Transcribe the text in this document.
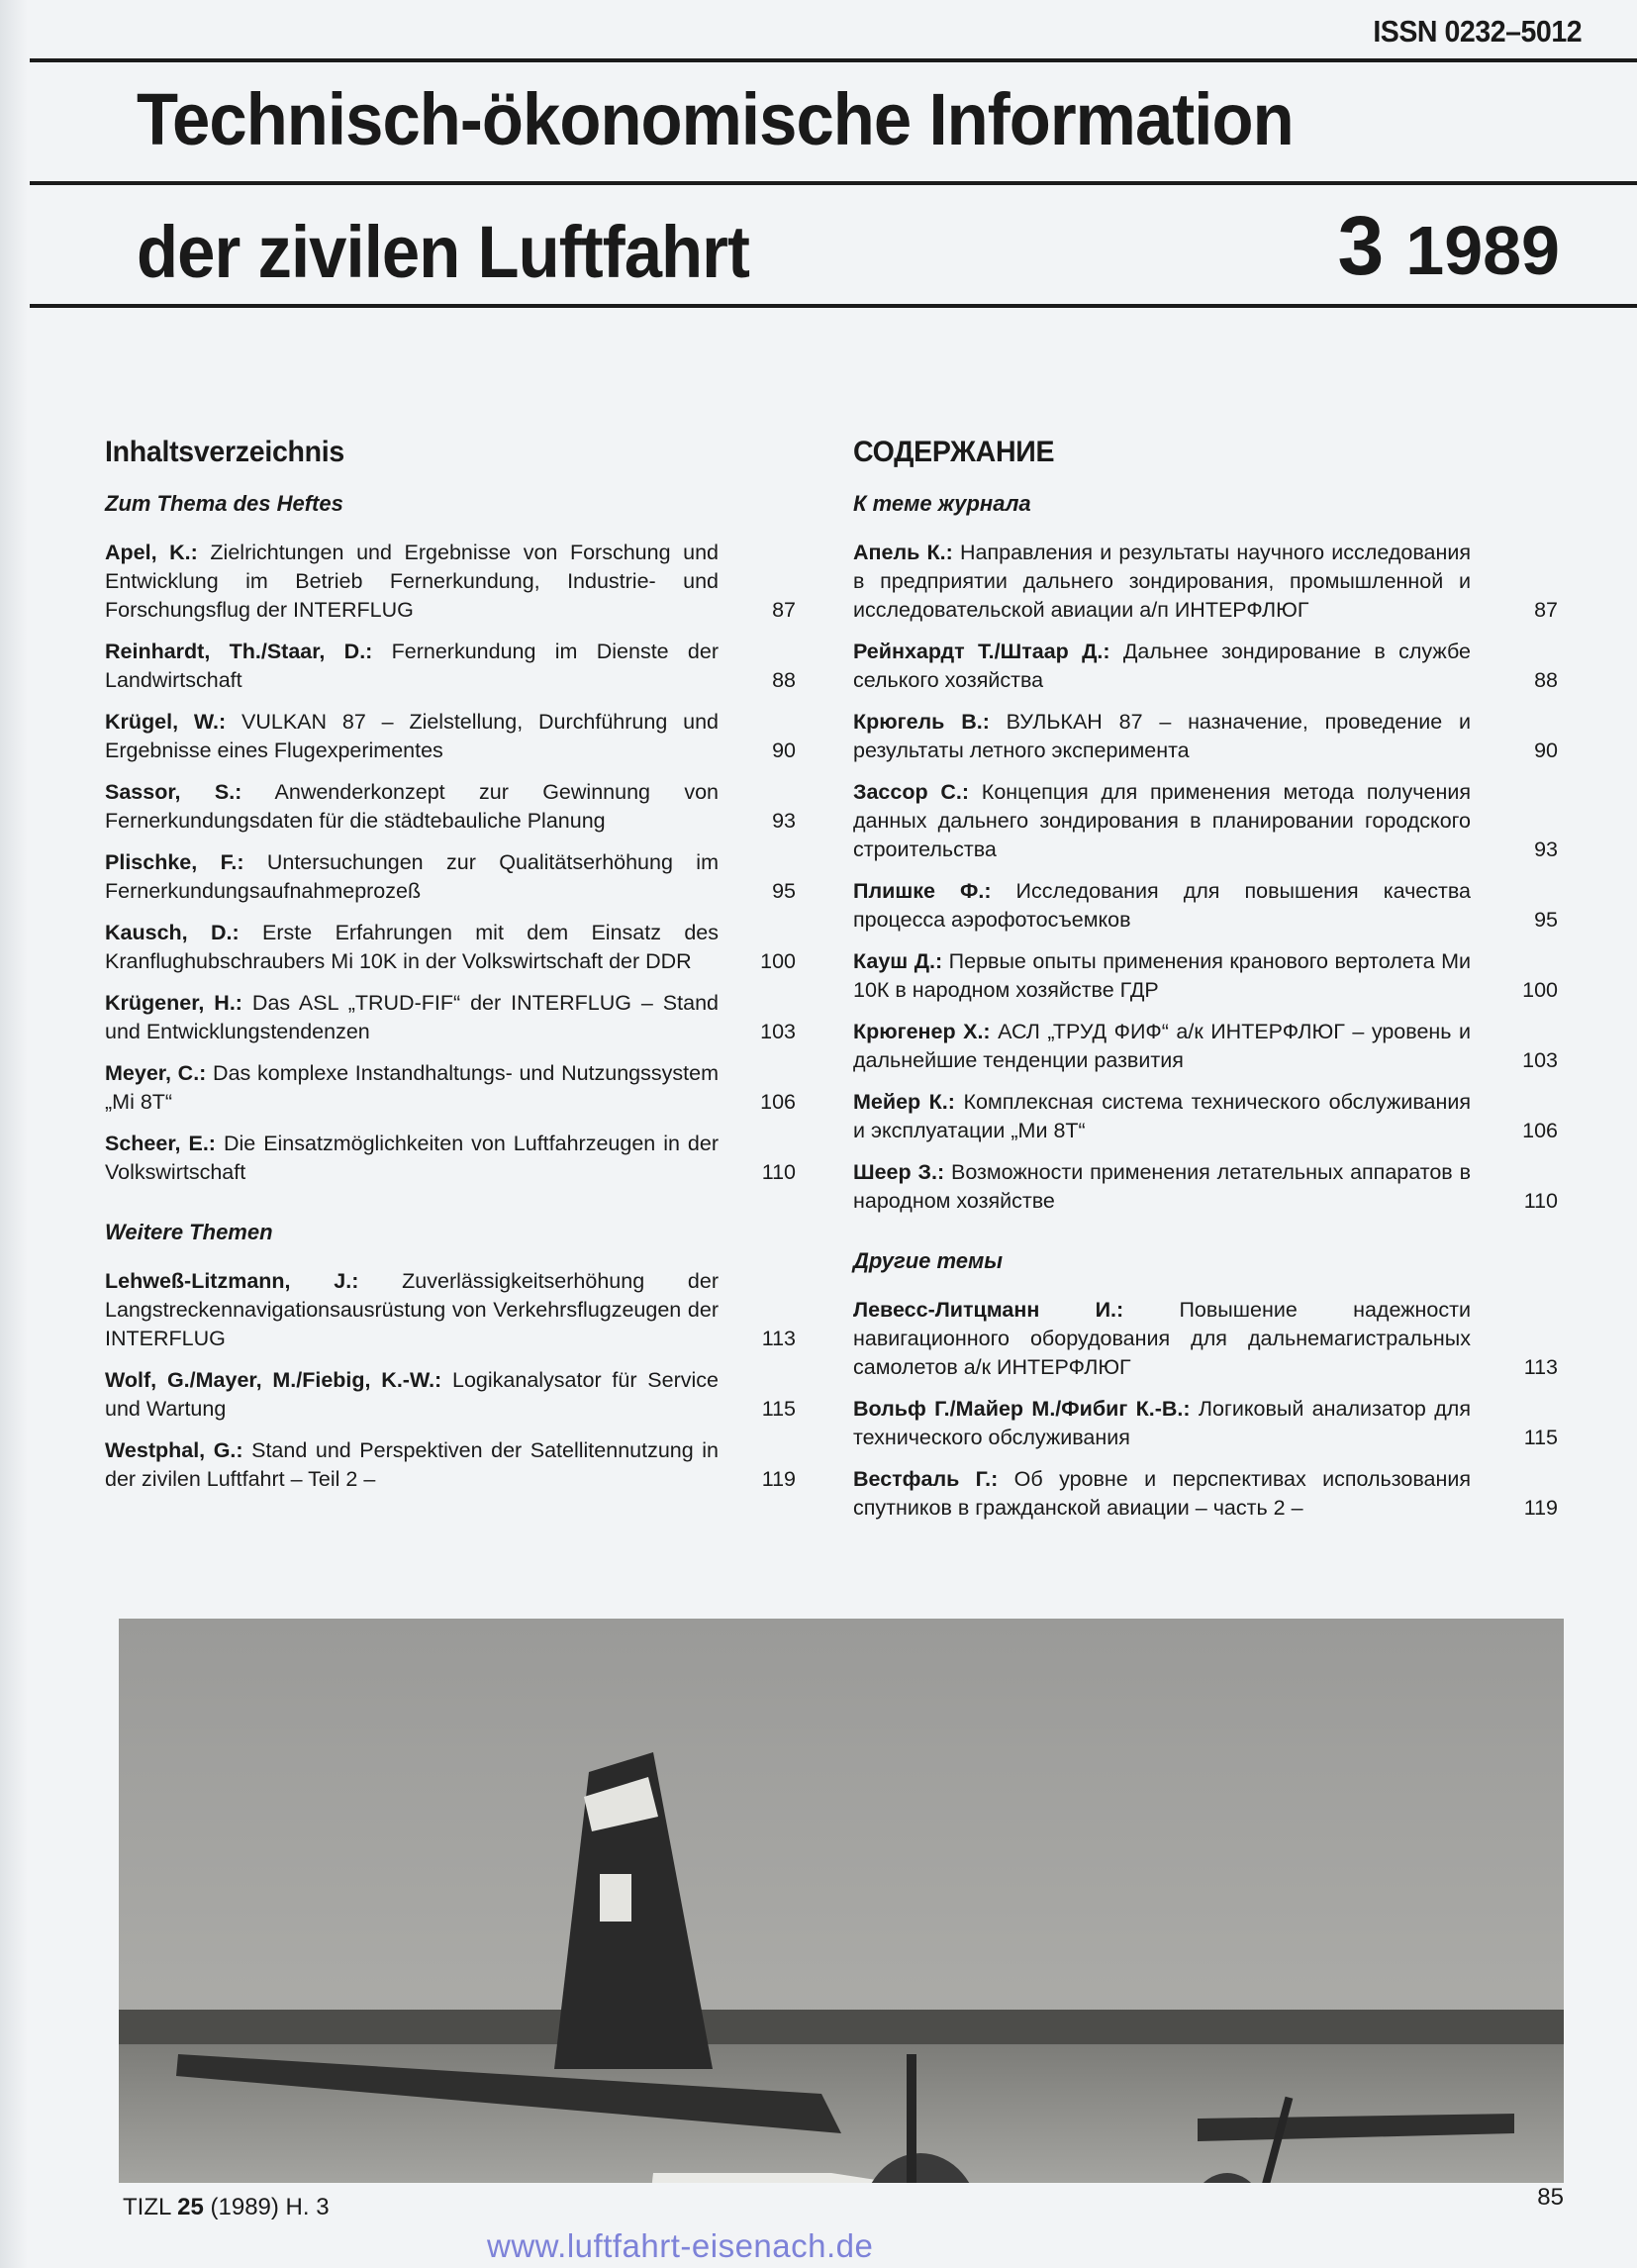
ISSN 0232–5012
Technisch-ökonomische Information
der zivilen Luftfahrt	3 1989
Inhaltsverzeichnis
Zum Thema des Heftes
Apel, K.: Zielrichtungen und Ergebnisse von Forschung und Entwicklung im Betrieb Fernerkundung, Industrie- und Forschungsflug der INTERFLUG	87
Reinhardt, Th./Staar, D.: Fernerkundung im Dienste der Landwirtschaft	88
Krügel, W.: VULKAN 87 – Zielstellung, Durchführung und Ergebnisse eines Flugexperimentes	90
Sassor, S.: Anwenderkonzept zur Gewinnung von Fernerkundungsdaten für die städtebauliche Planung	93
Plischke, F.: Untersuchungen zur Qualitätserhöhung im Fernerkundungsaufnahmeprozeß	95
Kausch, D.: Erste Erfahrungen mit dem Einsatz des Kranflughubschraubers Mi 10K in der Volkswirtschaft der DDR	100
Krügener, H.: Das ASL „TRUD-FIF“ der INTERFLUG – Stand und Entwicklungstendenzen	103
Meyer, C.: Das komplexe Instandhaltungs- und Nutzungssystem „Mi 8T“	106
Scheer, E.: Die Einsatzmöglichkeiten von Luftfahrzeugen in der Volkswirtschaft	110
Weitere Themen
Lehweß-Litzmann, J.: Zuverlässigkeitserhöhung der Langstreckennavigationsausrüstung von Verkehrsflugzeugen der INTERFLUG	113
Wolf, G./Mayer, M./Fiebig, K.-W.: Logikanalysator für Service und Wartung	115
Westphal, G.: Stand und Perspektiven der Satellitennutzung in der zivilen Luftfahrt – Teil 2 –	119
СОДЕРЖАНИЕ
К теме журнала
Апель К.: Направления и результаты научного исследования в предприятии дальнего зондирования, промышленной и исследовательской авиации а/п ИНТЕРФЛЮГ	87
Рейнхардт Т./Штаар Д.: Дальнее зондирование в службе селького хозяйства	88
Крюгель В.: ВУЛЬКАН 87 – назначение, проведение и результаты летного эксперимента	90
Зассор С.: Концепция для применения метода получения данных дальнего зондирования в планировании городского строительства	93
Плишке Ф.: Исследования для повышения качества процесса аэрофотосъемков	95
Кауш Д.: Первые опыты применения кранового вертолета Ми 10К в народном хозяйстве ГДР	100
Крюгенер Х.: АСЛ „ТРУД ФИФ“ а/к ИНТЕРФЛЮГ – уровень и дальнейшие тенденции развития	103
Мейер К.: Комплексная система технического обслуживания и эксплуатации „Ми 8Т“	106
Шеер З.: Возможности применения летательных аппаратов в народном хозяйстве	110
Другие темы
Левесс-Литцманн И.: Повышение надежности навигационного оборудования для дальнемагистральных самолетов а/к ИНТЕРФЛЮГ	113
Вольф Г./Майер М./Фибиг К.-В.: Логиковый анализатор для технического обслуживания	115
Вестфаль Г.: Об уровне и перспективах использования спутников в гражданской авиации – часть 2 –	119
TIZL 25 (1989) H. 3	85
www.luftfahrt-eisenach.de
